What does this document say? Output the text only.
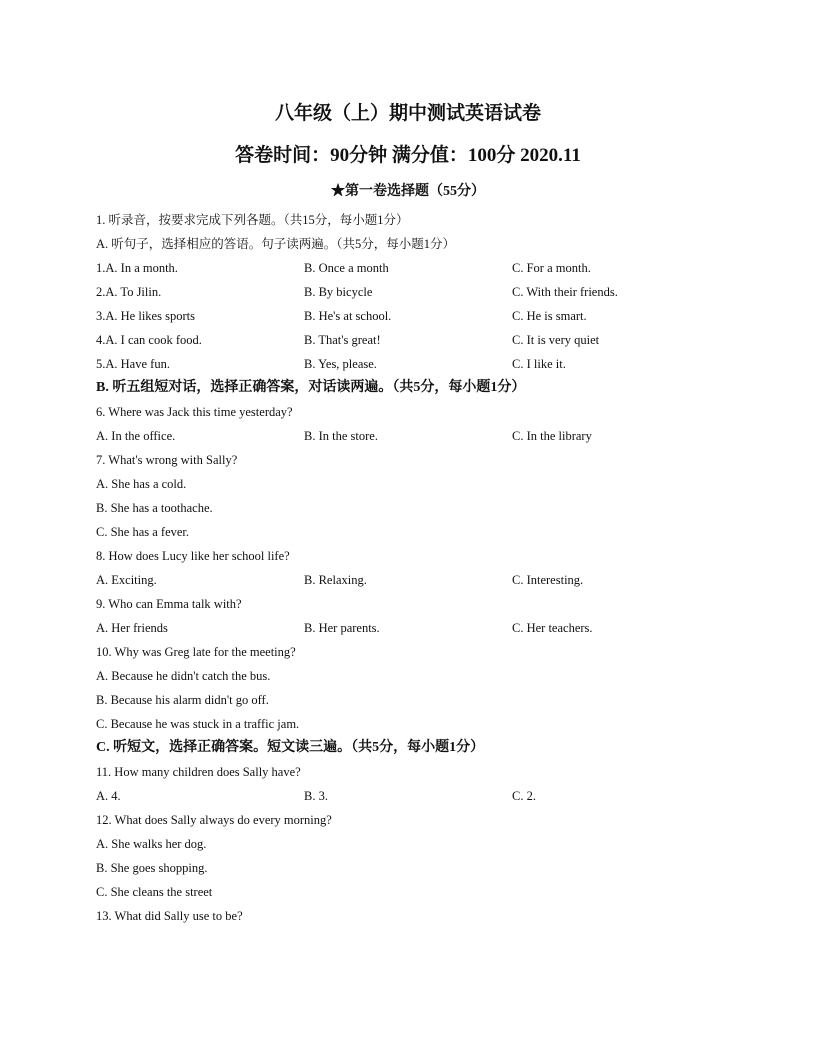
八年级（上）期中测试英语试卷
答卷时间：90分钟 满分值：100分 2020.11
★第一卷选择题（55分）
1. 听录音，按要求完成下列各题。（共15分，每小题1分）
A. 听句子，选择相应的答语。句子读两遍。（共5分，每小题1分）
1.A. In a month.	B. Once a month	C. For a month.
2.A. To Jilin.	B. By bicycle	C. With their friends.
3.A. He likes sports	B. He's at school.	C. He is smart.
4.A. I can cook food.	B. That's great!	C. It is very quiet
5.A. Have fun.	B. Yes, please.	C. I like it.
B. 听五组短对话，选择正确答案，对话读两遍。（共5分，每小题1分）
6. Where was Jack this time yesterday?
A. In the office.	B. In the store.	C. In the library
7. What's wrong with Sally?
A. She has a cold.
B. She has a toothache.
C. She has a fever.
8. How does Lucy like her school life?
A. Exciting.	B. Relaxing.	C. Interesting.
9. Who can Emma talk with?
A. Her friends	B. Her parents.	C. Her teachers.
10. Why was Greg late for the meeting?
A. Because he didn't catch the bus.
B. Because his alarm didn't go off.
C. Because he was stuck in a traffic jam.
C. 听短文，选择正确答案。短文读三遍。（共5分，每小题1分）
11. How many children does Sally have?
A. 4.	B. 3.	C. 2.
12. What does Sally always do every morning?
A. She walks her dog.
B. She goes shopping.
C. She cleans the street
13. What did Sally use to be?
